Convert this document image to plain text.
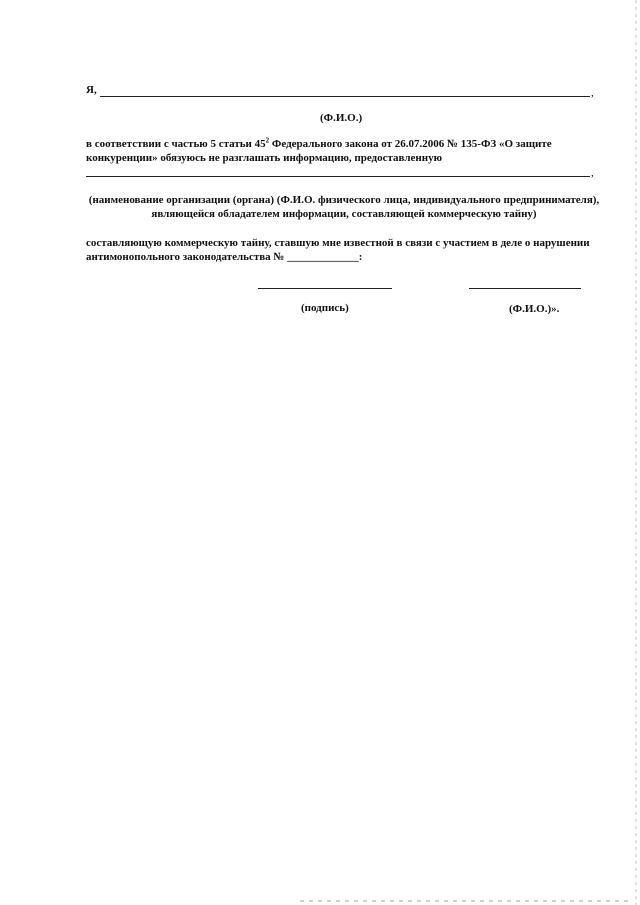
Я,	,
(Ф.И.О.)
в соответствии с частью 5 статьи $45^2$ Федерального закона от 26.07.2006 № 135-ФЗ «О защите
конкуренции» обязуюсь не разглашать информацию, предоставленную
,
(наименование организации (органа) (Ф.И.О. физического лица, индивидуального предпринимателя),
являющейся обладателем информации, составляющей коммерческую тайну)
составляющую коммерческую тайну, ставшую мне известной в связи с участием в деле о нарушении
антимонопольного законодательства № _____________:
(подпись)	(Ф.И.О.)».
